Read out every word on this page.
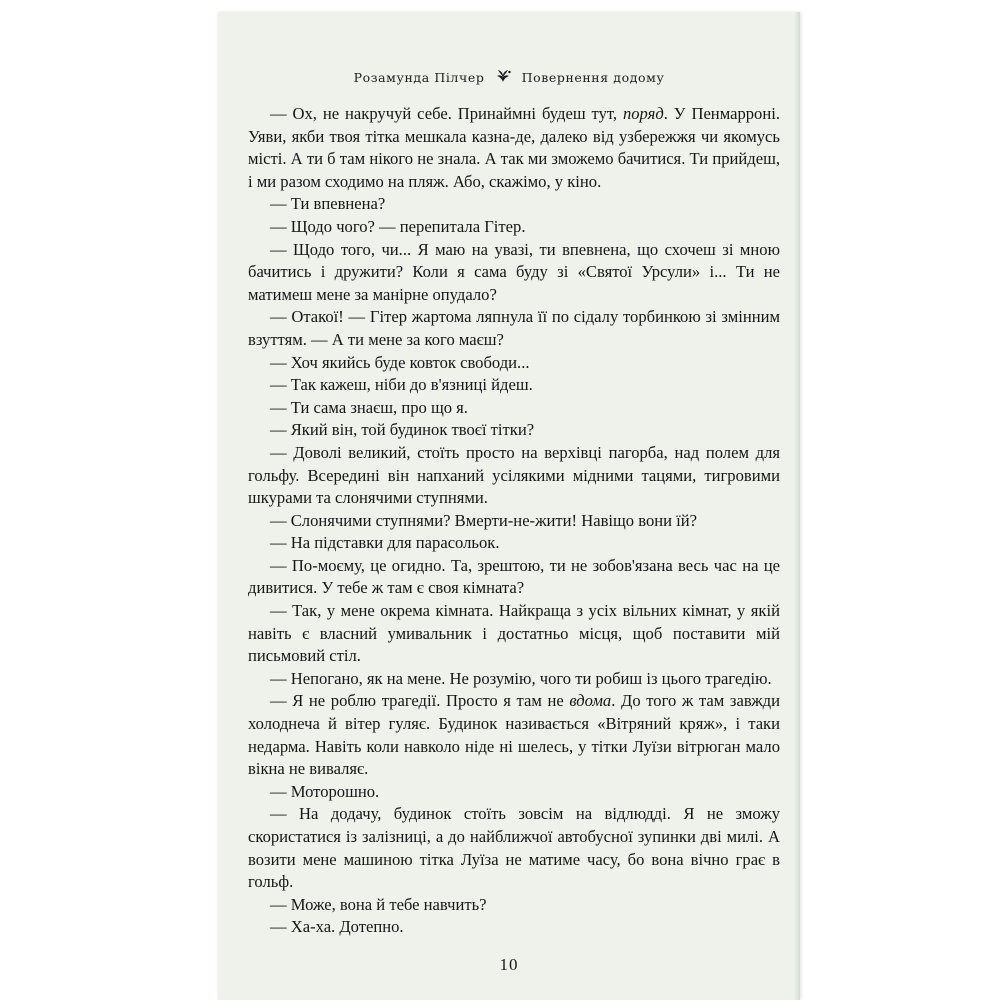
Розамунда Пілчер	Повернення додому

— Ох, не накручуй себе. Принаймні будеш тут, поряд. У Пенмарроні. Уяви, якби твоя тітка мешкала казна-де, далеко від узбережжя чи якомусь місті. А ти б там нікого не знала. А так ми зможемо бачитися. Ти прийдеш, і ми разом сходимо на пляж. Або, скажімо, у кіно.

— Ти впевнена?

— Щодо чого? — перепитала Гітер.

— Щодо того, чи... Я маю на увазі, ти впевнена, що схочеш зі мною бачитись і дружити? Коли я сама буду зі «Святої Урсули» і... Ти не матимеш мене за манірне опудало?

— Отакої! — Гітер жартома ляпнула її по сідалу торбинкою зі змінним взуттям. — А ти мене за кого маєш?

— Хоч якийсь буде ковток свободи...

— Так кажеш, ніби до в'язниці йдеш.

— Ти сама знаєш, про що я.

— Який він, той будинок твоєї тітки?

— Доволі великий, стоїть просто на верхівці пагорба, над полем для гольфу. Всередині він напханий усілякими мідними тацями, тигровими шкурами та слонячими ступнями.

— Слонячими ступнями? Вмерти-не-жити! Навіщо вони їй?

— На підставки для парасольок.

— По-моєму, це огидно. Та, зрештою, ти не зобов'язана весь час на це дивитися. У тебе ж там є своя кімната?

— Так, у мене окрема кімната. Найкраща з усіх вільних кімнат, у якій навіть є власний умивальник і достатньо місця, щоб поставити мій письмовий стіл.

— Непогано, як на мене. Не розумію, чого ти робиш із цього трагедію.

— Я не роблю трагедії. Просто я там не вдома. До того ж там завжди холоднеча й вітер гуляє. Будинок називається «Вітряний кряж», і таки недарма. Навіть коли навколо ніде ні шелесь, у тітки Луїзи вітрюган мало вікна не виваляє.

— Моторошно.

— На додачу, будинок стоїть зовсім на відлюдді. Я не зможу скористатися із залізниці, а до найближчої автобусної зупинки дві милі. А возити мене машиною тітка Луїза не матиме часу, бо вона вічно грає в гольф.

— Може, вона й тебе навчить?

— Ха-ха. Дотепно.

10
